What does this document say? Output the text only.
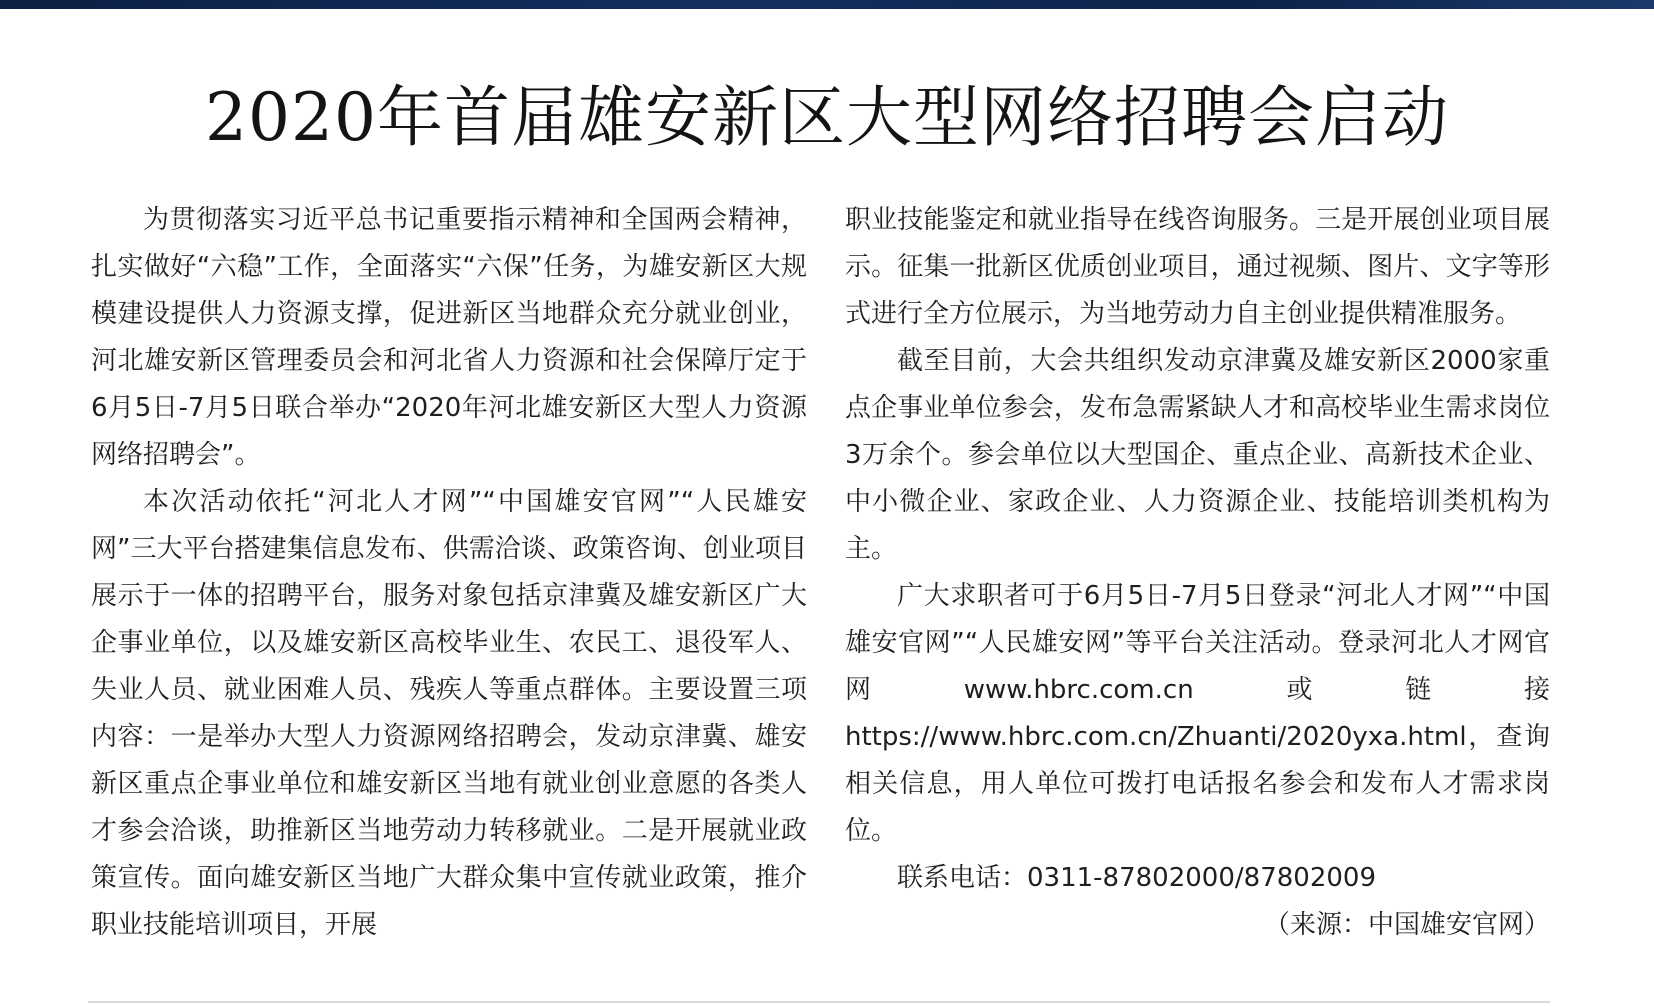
2020年首届雄安新区大型网络招聘会启动

为贯彻落实习近平总书记重要指示精神和全国两会精神，扎实做好“六稳”工作，全面落实“六保”任务，为雄安新区大规模建设提供人力资源支撑，促进新区当地群众充分就业创业，河北雄安新区管理委员会和河北省人力资源和社会保障厅定于6月5日-7月5日联合举办“2020年河北雄安新区大型人力资源网络招聘会”。

本次活动依托“河北人才网”“中国雄安官网”“人民雄安网”三大平台搭建集信息发布、供需洽谈、政策咨询、创业项目展示于一体的招聘平台，服务对象包括京津冀及雄安新区广大企事业单位，以及雄安新区高校毕业生、农民工、退役军人、失业人员、就业困难人员、残疾人等重点群体。主要设置三项内容：一是举办大型人力资源网络招聘会，发动京津冀、雄安新区重点企事业单位和雄安新区当地有就业创业意愿的各类人才参会洽谈，助推新区当地劳动力转移就业。二是开展就业政策宣传。面向雄安新区当地广大群众集中宣传就业政策，推介职业技能培训项目，开展

职业技能鉴定和就业指导在线咨询服务。三是开展创业项目展示。征集一批新区优质创业项目，通过视频、图片、文字等形式进行全方位展示，为当地劳动力自主创业提供精准服务。

截至目前，大会共组织发动京津冀及雄安新区2000家重点企事业单位参会，发布急需紧缺人才和高校毕业生需求岗位3万余个。参会单位以大型国企、重点企业、高新技术企业、中小微企业、家政企业、人力资源企业、技能培训类机构为主。

广大求职者可于6月5日-7月5日登录“河北人才网”“中国雄安官网”“人民雄安网”等平台关注活动。登录河北人才网官网www.hbrc.com.cn或链接https://www.hbrc.com.cn/Zhuanti/2020yxa.html，查询相关信息，用人单位可拨打电话报名参会和发布人才需求岗位。

联系电话：0311-87802000/87802009

（来源：中国雄安官网）
